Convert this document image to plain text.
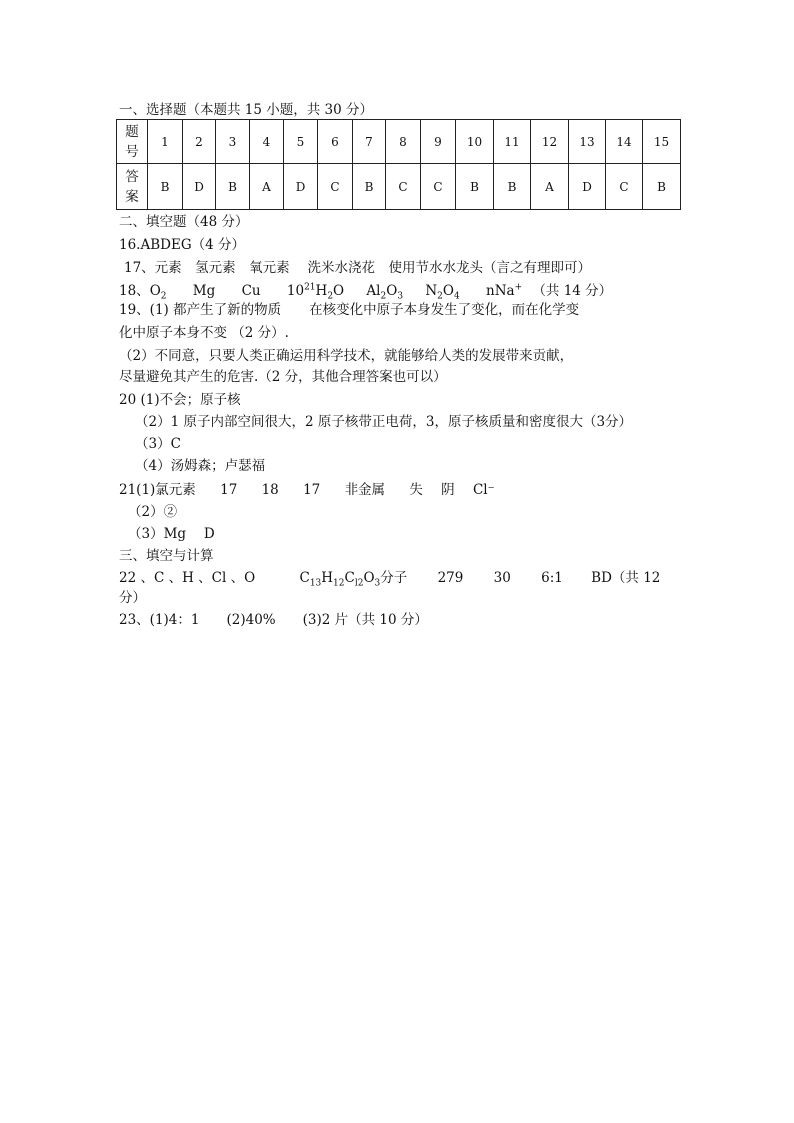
一、选择题（本题共 15 小题，共 30 分）
题
号	1	2	3	4	5	6	7	8	9	10	11	12	13	14	15

答
案	B	D	B	A	D	C	B	C	C	B	B	A	D	C	B
二、填空题（48 分）
16.ABDEG（4 分）
17、元素　氢元素　氧元素　 洗米水浇花　使用节水水龙头（言之有理即可）
18、$O_2$ Mg Cu $10^{21}H_2O$ $Al_2O_3$ $N_2O_4$ nNa+ （共 14 分）
19、(1) 都产生了新的物质 在核变化中原子本身发生了变化，而在化学变
化中原子本身不变 （2 分）.
（2）不同意，只要人类正确运用科学技术，就能够给人类的发展带来贡献，
尽量避免其产生的危害.（2 分，其他合理答案也可以）
20 (1)不会；原子核
（2）1 原子内部空间很大，2 原子核带正电荷，3，原子核质量和密度很大（3分）
（3）C
（4）汤姆森；卢瑟福
21(1)氯元素 17 18 17 非金属 失 阴 Cl⁻
（2）②
（3）Mg　 D
三、填空与计算
22 、C 、H 、Cl 、O	$C_{13}H_{12}C_{l2}O_3$分子 279 30 6:1 BD（共 12
分）
23、(1)4：1　　(2)40%　　(3)2 片（共 10 分）
